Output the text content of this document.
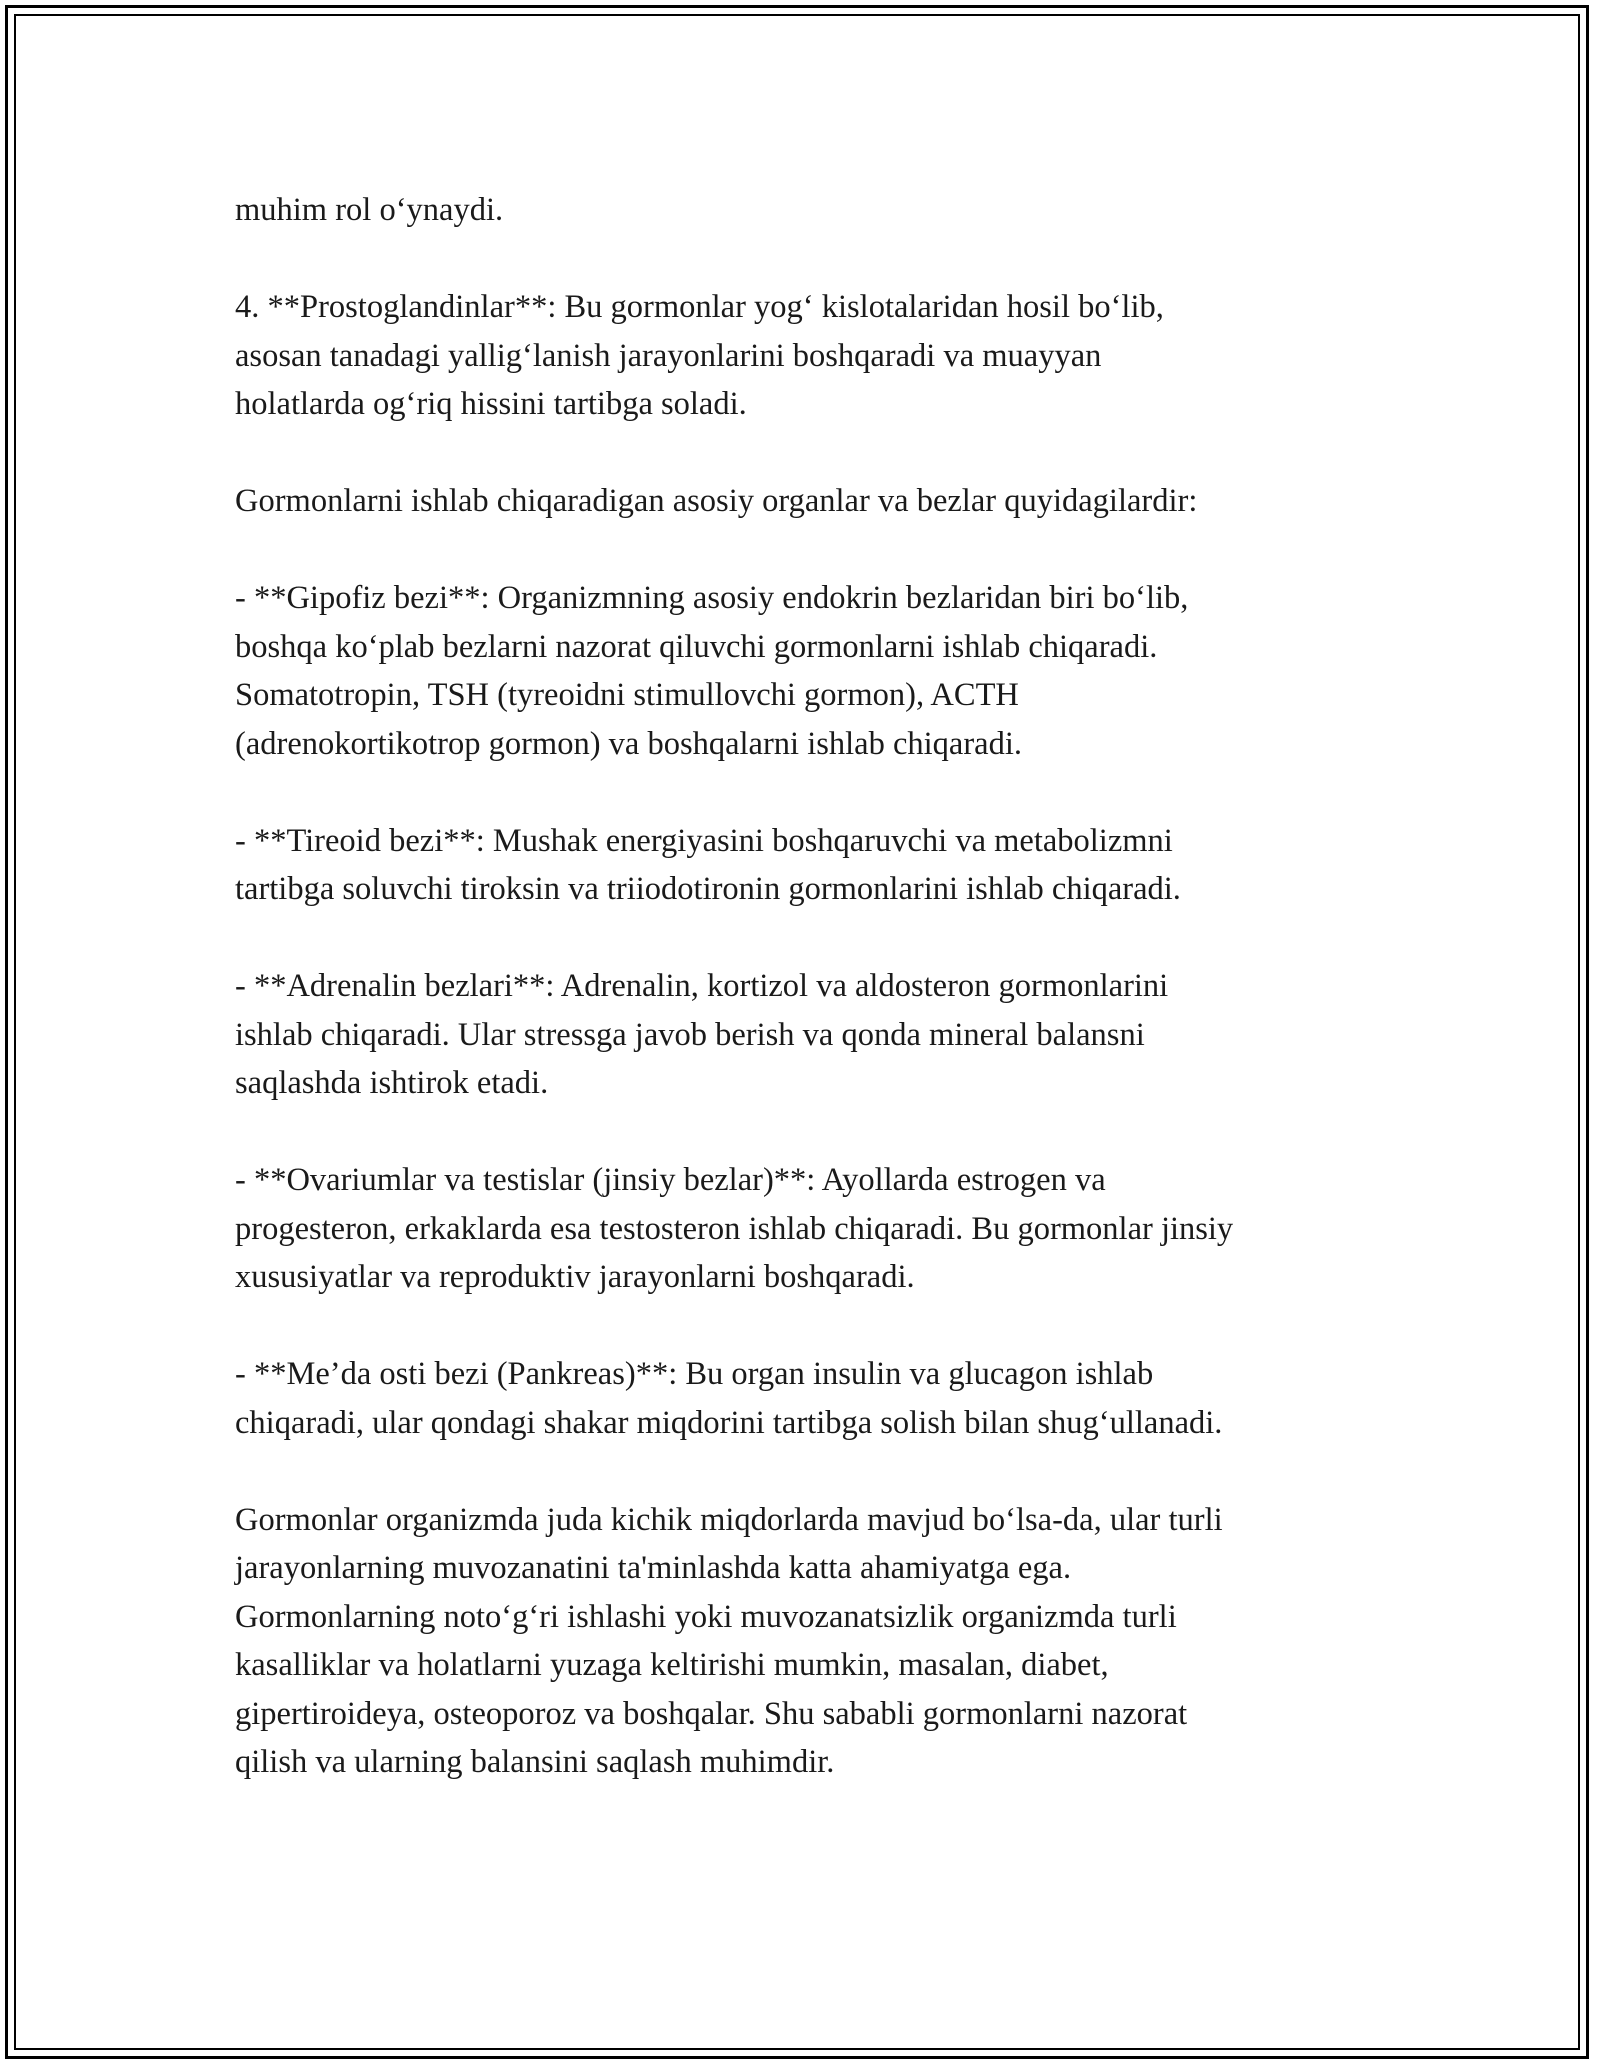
muhim rol o‘ynaydi.

4. **Prostoglandinlar**: Bu gormonlar yog‘ kislotalaridan hosil bo‘lib,
asosan tanadagi yallig‘lanish jarayonlarini boshqaradi va muayyan
holatlarda og‘riq hissini tartibga soladi.

Gormonlarni ishlab chiqaradigan asosiy organlar va bezlar quyidagilardir:

- **Gipofiz bezi**: Organizmning asosiy endokrin bezlaridan biri bo‘lib,
boshqa ko‘plab bezlarni nazorat qiluvchi gormonlarni ishlab chiqaradi.
Somatotropin, TSH (tyreoidni stimullovchi gormon), ACTH
(adrenokortikotrop gormon) va boshqalarni ishlab chiqaradi.

- **Tireoid bezi**: Mushak energiyasini boshqaruvchi va metabolizmni
tartibga soluvchi tiroksin va triiodotironin gormonlarini ishlab chiqaradi.

- **Adrenalin bezlari**: Adrenalin, kortizol va aldosteron gormonlarini
ishlab chiqaradi. Ular stressga javob berish va qonda mineral balansni
saqlashda ishtirok etadi.

- **Ovariumlar va testislar (jinsiy bezlar)**: Ayollarda estrogen va
progesteron, erkaklarda esa testosteron ishlab chiqaradi. Bu gormonlar jinsiy
xususiyatlar va reproduktiv jarayonlarni boshqaradi.

- **Me’da osti bezi (Pankreas)**: Bu organ insulin va glucagon ishlab
chiqaradi, ular qondagi shakar miqdorini tartibga solish bilan shug‘ullanadi.

Gormonlar organizmda juda kichik miqdorlarda mavjud bo‘lsa-da, ular turli
jarayonlarning muvozanatini ta'minlashda katta ahamiyatga ega.
Gormonlarning noto‘g‘ri ishlashi yoki muvozanatsizlik organizmda turli
kasalliklar va holatlarni yuzaga keltirishi mumkin, masalan, diabet,
gipertiroideya, osteoporoz va boshqalar. Shu sababli gormonlarni nazorat
qilish va ularning balansini saqlash muhimdir.
